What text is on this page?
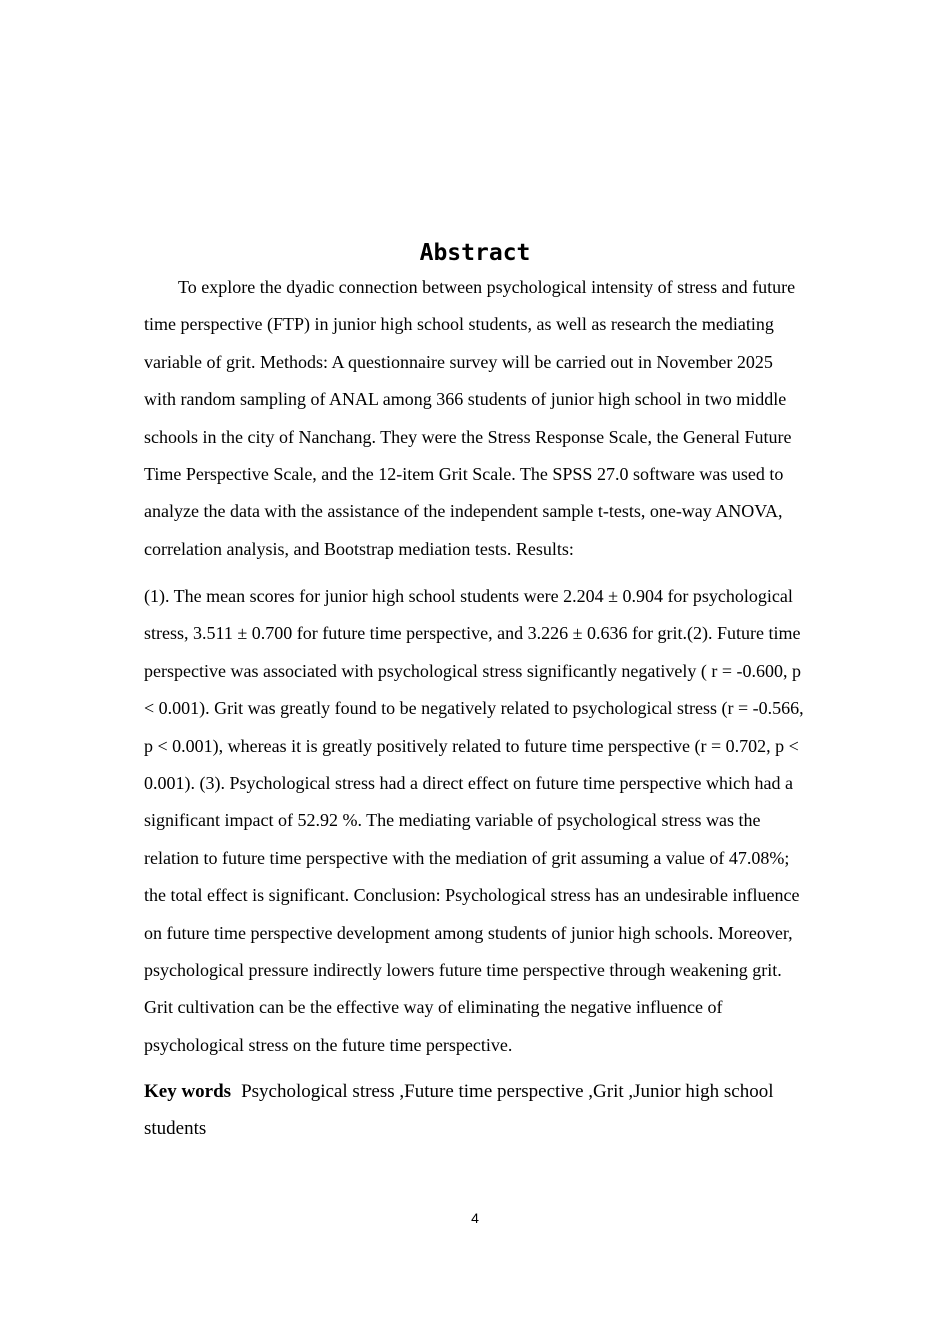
Abstract
To explore the dyadic connection between psychological intensity of stress and future time perspective (FTP) in junior high school students, as well as research the mediating variable of grit. Methods: A questionnaire survey will be carried out in November 2025 with random sampling of ANAL among 366 students of junior high school in two middle schools in the city of Nanchang. They were the Stress Response Scale, the General Future Time Perspective Scale, and the 12-item Grit Scale. The SPSS 27.0 software was used to analyze the data with the assistance of the independent sample t-tests, one-way ANOVA, correlation analysis, and Bootstrap mediation tests. Results:
(1). The mean scores for junior high school students were 2.204 ± 0.904 for psychological stress, 3.511 ± 0.700 for future time perspective, and 3.226 ± 0.636 for grit.(2). Future time perspective was associated with psychological stress significantly negatively ( r = -0.600, p < 0.001). Grit was greatly found to be negatively related to psychological stress (r = -0.566, p < 0.001), whereas it is greatly positively related to future time perspective (r = 0.702, p < 0.001). (3). Psychological stress had a direct effect on future time perspective which had a significant impact of 52.92 %. The mediating variable of psychological stress was the relation to future time perspective with the mediation of grit assuming a value of 47.08%; the total effect is significant. Conclusion: Psychological stress has an undesirable influence on future time perspective development among students of junior high schools. Moreover, psychological pressure indirectly lowers future time perspective through weakening grit. Grit cultivation can be the effective way of eliminating the negative influence of psychological stress on the future time perspective.
Key words Psychological stress ,Future time perspective ,Grit ,Junior high school students
4
